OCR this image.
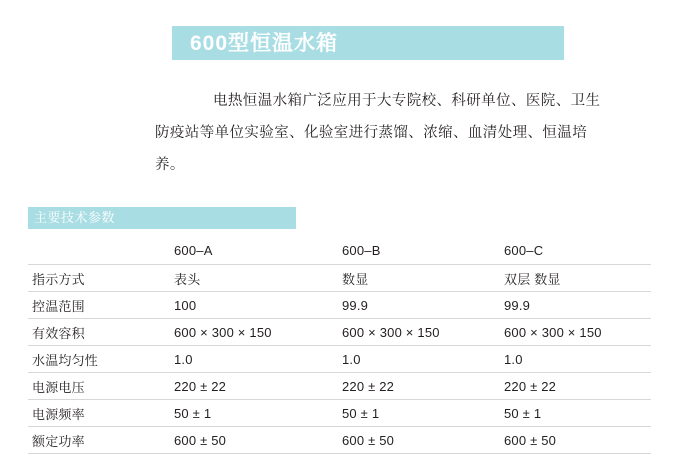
600型恒温水箱
电热恒温水箱广泛应用于大专院校、科研单位、医院、卫生防疫站等单位实验室、化验室进行蒸馏、浓缩、血清处理、恒温培养。
主要技术参数
	600–A	600–B	600–C
指示方式	表头	数显	双层 数显
控温范围	100	99.9	99.9
有效容积	600 × 300 × 150	600 × 300 × 150	600 × 300 × 150
水温均匀性	1.0	1.0	1.0
电源电压	220 ± 22	220 ± 22	220 ± 22
电源频率	50 ± 1	50 ± 1	50 ± 1
额定功率	600 ± 50	600 ± 50	600 ± 50
